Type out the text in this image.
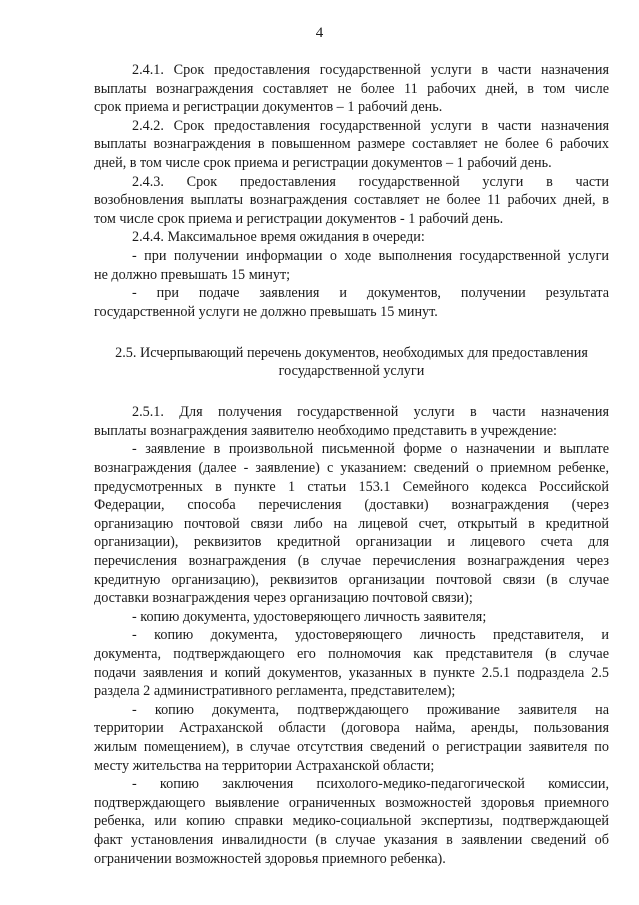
4
2.4.1. Срок предоставления государственной услуги в части назначения
выплаты вознаграждения составляет не более 11 рабочих дней, в том числе
срок приема и регистрации документов – 1 рабочий день.
2.4.2. Срок предоставления государственной услуги в части назначения
выплаты вознаграждения в повышенном размере составляет не более 6 рабочих
дней, в том числе срок приема и регистрации документов – 1 рабочий день.
2.4.3. Срок предоставления государственной услуги в части
возобновления выплаты вознаграждения составляет не более 11 рабочих дней, в
том числе срок приема и регистрации документов - 1 рабочий день.
2.4.4. Максимальное время ожидания в очереди:
- при получении информации о ходе выполнения государственной услуги
не должно превышать 15 минут;
- при подаче заявления и документов, получении результата
государственной услуги не должно превышать 15 минут.
2.5. Исчерпывающий перечень документов, необходимых для предоставления
государственной услуги
2.5.1. Для получения государственной услуги в части назначения
выплаты вознаграждения заявителю необходимо представить в учреждение:
- заявление в произвольной письменной форме о назначении и выплате
вознаграждения (далее - заявление) с указанием: сведений о приемном ребенке,
предусмотренных в пункте 1 статьи 153.1 Семейного кодекса Российской
Федерации, способа перечисления (доставки) вознаграждения (через
организацию почтовой связи либо на лицевой счет, открытый в кредитной
организации), реквизитов кредитной организации и лицевого счета для
перечисления вознаграждения (в случае перечисления вознаграждения через
кредитную организацию), реквизитов организации почтовой связи (в случае
доставки вознаграждения через организацию почтовой связи);
- копию документа, удостоверяющего личность заявителя;
- копию документа, удостоверяющего личность представителя, и
документа, подтверждающего его полномочия как представителя (в случае
подачи заявления и копий документов, указанных в пункте 2.5.1 подраздела 2.5
раздела 2 административного регламента, представителем);
- копию документа, подтверждающего проживание заявителя на
территории Астраханской области (договора найма, аренды, пользования
жилым помещением), в случае отсутствия сведений о регистрации заявителя по
месту жительства на территории Астраханской области;
- копию заключения психолого-медико-педагогической комиссии,
подтверждающего выявление ограниченных возможностей здоровья приемного
ребенка, или копию справки медико-социальной экспертизы, подтверждающей
факт установления инвалидности (в случае указания в заявлении сведений об
ограничении возможностей здоровья приемного ребенка).
